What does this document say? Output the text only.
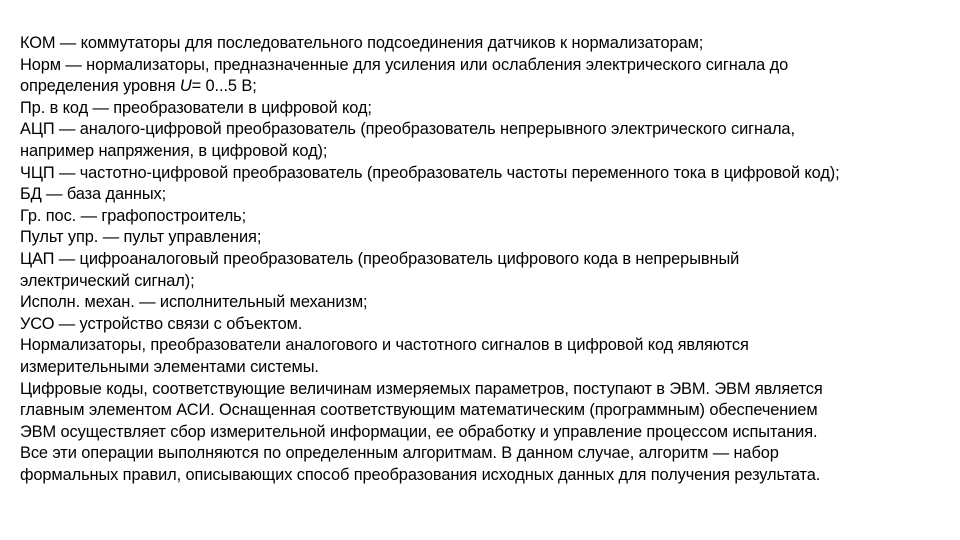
КОМ — коммутаторы для последовательного подсоединения датчиков к нормализаторам;
Норм — нормализаторы, предназначенные для усиления или ослабления электрического сигнала до
определения уровня U= 0...5 В;
Пр. в код — преобразователи в цифровой код;
АЦП — аналого-цифровой преобразователь (преобразователь непрерывного электрического сигнала,
например напряжения, в цифровой код);
ЧЦП — частотно-цифровой преобразователь (преобразователь частоты переменного тока в цифровой код);
БД — база данных;
Гр. пос. — графопостроитель;
Пульт упр. — пульт управления;
ЦАП — цифроаналоговый преобразователь (преобразователь цифрового кода в непрерывный
электрический сигнал);
Исполн. механ. — исполнительный механизм;
УСО — устройство связи с объектом.
Нормализаторы, преобразователи аналогового и частотного сигналов в цифровой код являются
измерительными элементами системы.
Цифровые коды, соответствующие величинам измеряемых параметров, поступают в ЭВМ. ЭВМ является
главным элементом АСИ. Оснащенная соответствующим математическим (программным) обеспечением
ЭВМ осуществляет сбор измерительной информации, ее обработку и управление процессом испытания.
Все эти операции выполняются по определенным алгоритмам. В данном случае, алгоритм — набор
формальных правил, описывающих способ преобразования исходных данных для получения результата.
